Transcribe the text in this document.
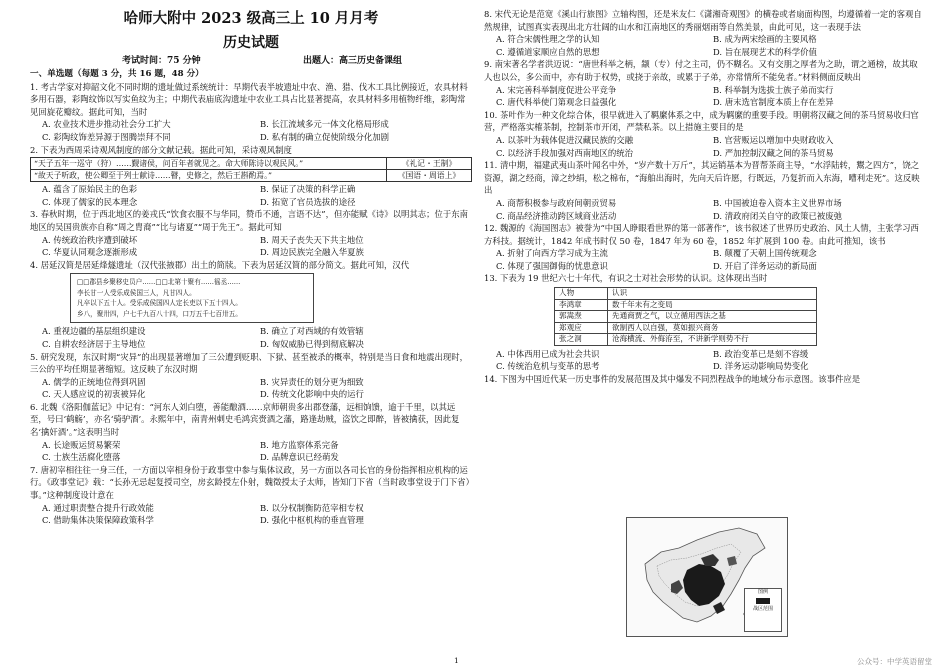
哈师大附中 2023 级高三上 10 月月考
历史试题
考试时间：75 分钟	出题人：高三历史备课组
一、单选题（每题 3 分，共 16 题，48 分）

1. 考古学家对抑韶文化不同时期的遗址做过系统统计：早期代表半坡遗址中农、渔、猎、伐木工具比例接近，农具材料多用石器，彩陶纹饰以写实鱼纹为主；中期代表庙底沟遗址中农业工具占比显著提高，农具材料多用植物纤维，彩陶常见回旋花瓣纹。据此可知，当时

A. 农业技术进步推动社会分工扩大	B. 长江流域多元一体文化格局形成
C. 彩陶纹饰差异源于图腾崇拜不同	D. 私有制的确立促使阶级分化加剧

2. 下表为西周采诗观风制度的部分文献记载。据此可知，采诗观风制度

“天子五年一巡守（狩）……觐诸侯，问百年者就见之。命大师陈诗以观民风。”	《礼记・王制》
“故天子听政，使公卿至于列士献诗……瞽，史修之，然后王斟酌焉。”	《国语・周语上》
A. 蕴含了原始民主的色彩	B. 保证了决策的科学正确
C. 体现了儒家的民本理念	D. 拓宽了官员选拔的途径

3. 春秋时期，位于西北地区的姜戎氏“饮食衣服不与华同，赞币不通，言语不达”，但亦能赋《诗》以明其志；位于东南地区的吴国贵族亦自称“周之胄裔”“比与诸夏”“周于先王”。据此可知

A. 传统政治秩序遭到破坏	B. 周天子丧失天下共主地位
C. 华夏认同观念逐渐形成	D. 周边民族完全融入华夏族

4. 居延汉简是居延烽燧遗址（汉代张掖郡）出土的简牍。下表为居延汉简的部分简文。据此可知，汉代

□□郡县乡聚移史员户……□□北第十聚有……徭丞……
李长甘一人受乐成侯国三人，凡甘四人。
凡卒以下五十人。受乐成侯国四人定长吏以下五十四人。
乡八，聚卅四，户七千九百八十四，口万五千七百卅五。
A. 重视边疆的基层组织建设	B. 确立了对西域的有效管辖
C. 自耕农经济居于主导地位	D. 匈奴威胁已得到彻底解决

5. 研究发现，东汉时期“灾异”的出现显著增加了三公遭到贬职、下狱、甚至被杀的概率，特别是当日食和地震出现时，三公的平均任期显著缩短。这反映了东汉时期

A. 儒学的正统地位得到巩固	B. 灾异责任的划分更为细致
C. 天人感应说的初衷被异化	D. 传统文化影响中央的运行

6. 北魏《洛阳伽蓝记》中记有：“河东人刘白堕，善能酿酒……京师朝贵多出郡登藩，远相饷馈，逾于千里，以其远至，号曰‘鹤觞’，亦名‘骑驴酒’。永熙年中，南青州刺史毛鸿宾赍酒之藩，路逢劫贼，盗饮之即醉，皆被擒获，因此复名‘擒奸酒’。”这表明当时

A. 长途贩运贸易繁荣	B. 地方监察体系完备
C. 士族生活腐化堕落	D. 品牌意识已经萌发

7. 唐初宰相往往一身三任，一方面以宰相身份于政事堂中参与集体议政，另一方面以各司长官的身份指挥相应机构的运行。《政事堂记》载：“长孙无忌起复授司空，房玄龄授左仆射，魏徵授太子太师，皆知门下省（当时政事堂设于门下省）事。”这种制度设计意在

A. 通过职责整合提升行政效能	B. 以分权制衡防范宰相专权
C. 借助集体决策保障政策科学	D. 强化中枢机构的垂直管理

8. 宋代无论是范宽《溪山行旅图》立轴构图，还是米友仁《潇湘奇观图》的横卷或者扇面构图，均遵循着一定的客观自然规律，试图真实表现出北方壮阔的山水和江南地区的秀丽烟雨等自然美景，由此可见，这一表现手法

A. 符合宋儒性理之学的认知	B. 成为两宋绘画的主要风格
C. 遵循道家顺应自然的思想	D. 旨在展现艺术的科学价值

9. 南宋著名学者洪迈说：“唐世科举之柄，颛（专）付之主司，仍不糊名。又有交朋之厚者为之助，谓之通榜，故其取人也以公，多公而中，亦有助于权势，或挠于亲故，或累于子弟，亦常情所不能免者。”材料侧面反映出

A. 宋完善科举制度促进公平竞争	B. 科举制为选拔士族子弟而实行
C. 唐代科举使门第观念日益强化	D. 唐末选官制度本质上存在差异

10. 茶叶作为一种文化综合体，很早就进入了羁縻体系之中，成为羁縻的重要手段。明朝将汉藏之间的茶马贸易收归官营，严格落实榷茶制，控制茶市开闭，严禁私茶。以上措施主要目的是

A. 以茶叶为载体促进汉藏民族的交融	B. 官营贩运以增加中央财政收入
C. 以经济手段加强对西南地区的统治	D. 严加控制汉藏之间的茶马贸易

11. 清中期，福建武夷山茶叶闻名中外，“岁产数十万斤”，其运销基本为晋帮茶商主导，“水浮陆转，鬻之四方”，饶之资源，湖之经商，漳之纱绢，松之棉布，“海舶出海时，先向天后许愿，行既远，乃复折而入东海，嘈利走死”。这反映出

A. 商帮积极参与政府间朝贡贸易	B. 中国被迫卷入资本主义世界市场
C. 商品经济推动跨区域商业活动	D. 清政府闭关自守的政策已被废弛

12. 魏源的《海国图志》被誉为“中国人睁眼看世界的第一部著作”，该书叙述了世界历史政治、风土人情，主张学习西方科技。据统计，1842 年成书时仅 50 卷，1847 年为 60 卷，1852 年扩展到 100 卷。由此可推知，该书

A. 折射了向西方学习成为主流	B. 颠覆了天朝上国传统观念
C. 体现了强国御侮的忧患意识	D. 开启了洋务运动的新局面

13. 下表为 19 世纪六七十年代，有识之士对社会形势的认识。这体现出当时

人物	认识
李鸿章	数千年未有之变局
郭嵩焘	先通商贾之气，以立循用西法之基
郑观应	欲制西人以自强，莫如振兴商务
张之洞	沧海横流、外侮洊至，不讲新学则势不行
A. 中体西用已成为社会共识	B. 政治变革已是刻不容缓
C. 传统治危机与变革的思考	D. 洋务运动影响局势变化

14. 下图为中国近代某一历史事件的发展范围及其中爆发不同烈程战争的地域分布示意图。该事件应是

图例
战区范围
1	公众号：中学英语留堂
